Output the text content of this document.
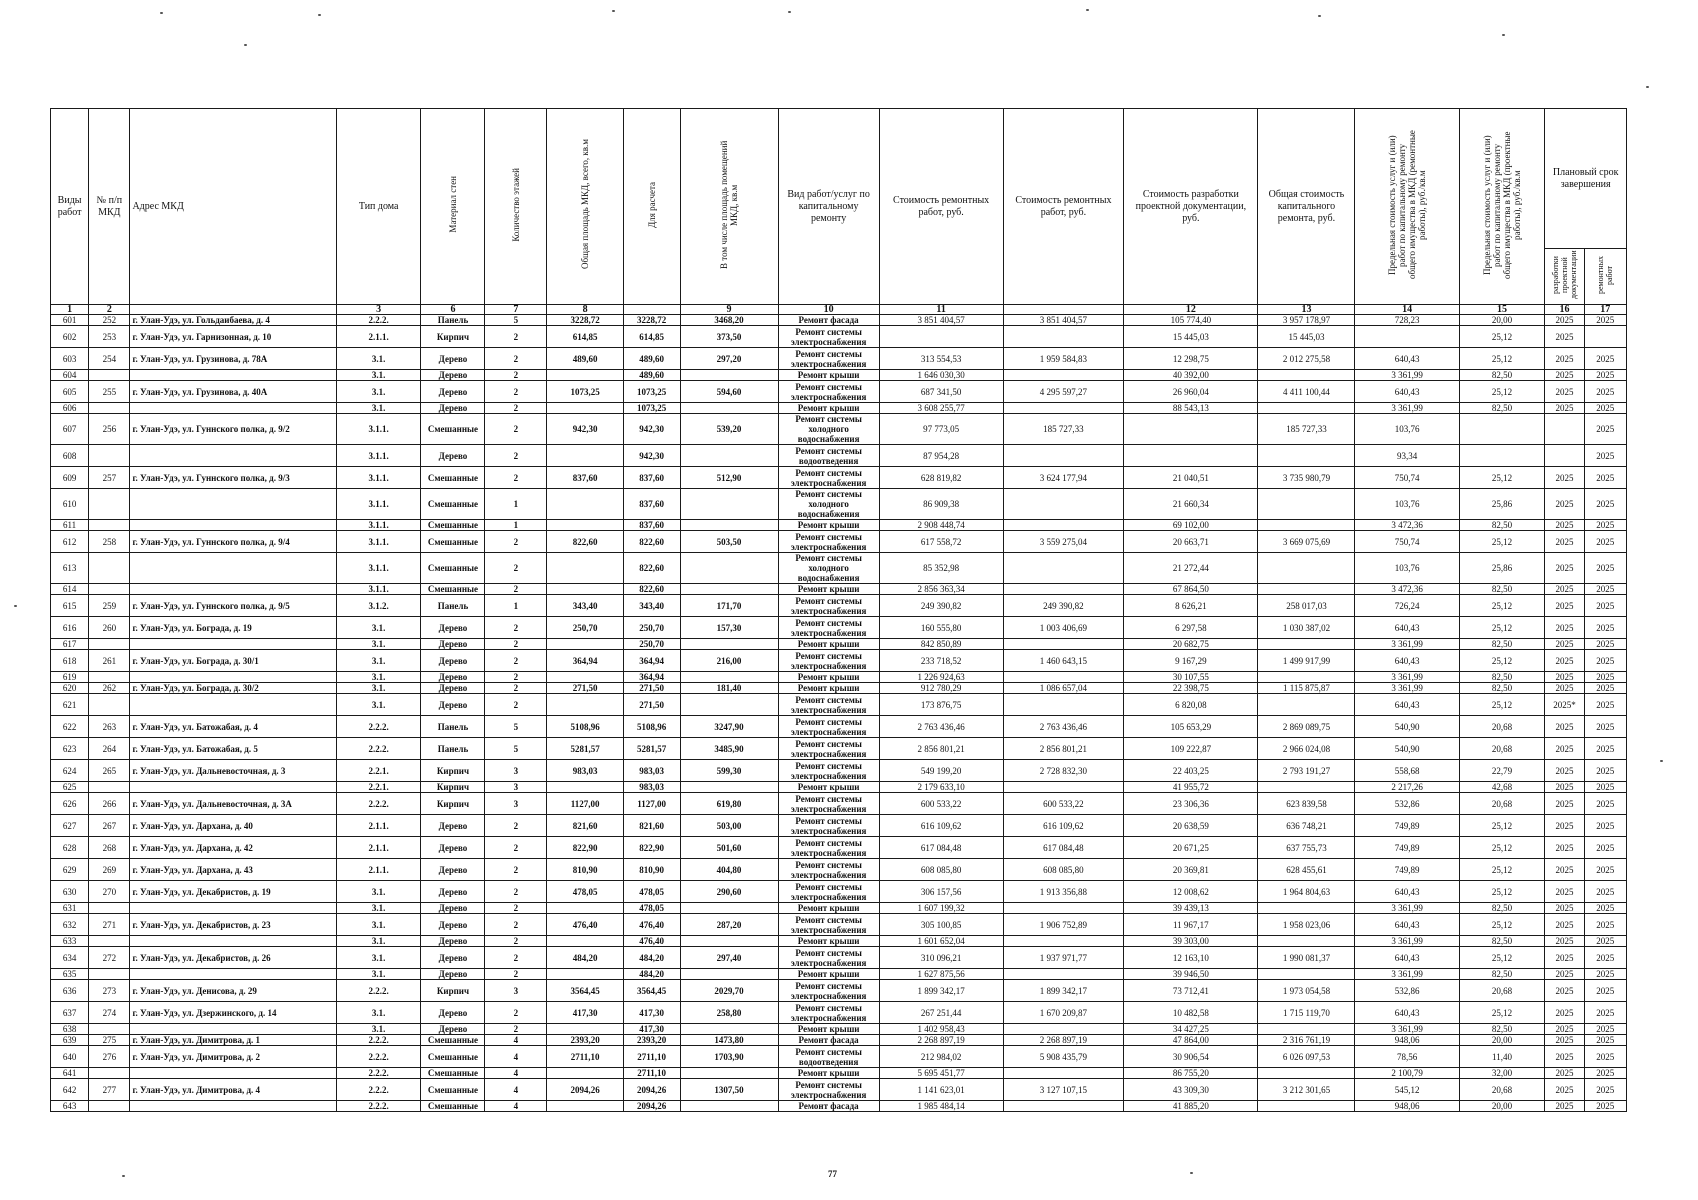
Виды работ	№ п/п МКД	Адрес МКД	Тип дома	Материал стен	Количество этажей	Общая площадь МКД, всего, кв.м	Для расчета	В том числе площадь помещений МКД, кв.м	Вид работ/услуг по капитальному ремонту	Стоимость ремонтных работ, руб.	Стоимость ремонтных работ, руб.	Стоимость разработки проектной документации, руб.	Общая стоимость капитального ремонта, руб.	Предельная стоимость услуг и (или) работ по капитальному ремонту общего имущества в МКД (ремонтные работы), руб./кв.м	Предельная стоимость услуг и (или) работ по капитальному ремонту общего имущества в МКД (проектные работы), руб./кв.м	Плановый срок завершения	
																разработки проектной документации	ремонтных работ
1	2		3	6	7	8		9	10	11		12	13	14	15	16	17
601	252	г. Улан-Удэ, ул. Гольдаибаева, д. 4	2.2.2.	Панель	5	3228,72	3228,72	3468,20	Ремонт фасада	3 851 404,57	3 851 404,57	105 774,40	3 957 178,97	728,23	20,00	2025	2025
602	253	г. Улан-Удэ, ул. Гарнизонная, д. 10	2.1.1.	Кирпич	2	614,85	614,85	373,50	Ремонт системы электроснабжения			15 445,03	15 445,03		25,12	2025	
603	254	г. Улан-Удэ, ул. Грузинова, д. 78А	3.1.	Дерево	2	489,60	489,60	297,20	Ремонт системы электроснабжения	313 554,53	1 959 584,83	12 298,75	2 012 275,58	640,43	25,12	2025	2025
604			3.1.	Дерево	2		489,60		Ремонт крыши	1 646 030,30		40 392,00		3 361,99	82,50	2025	2025
605	255	г. Улан-Удэ, ул. Грузинова, д. 40А	3.1.	Дерево	2	1073,25	1073,25	594,60	Ремонт системы электроснабжения	687 341,50	4 295 597,27	26 960,04	4 411 100,44	640,43	25,12	2025	2025
606			3.1.	Дерево	2		1073,25		Ремонт крыши	3 608 255,77		88 543,13		3 361,99	82,50	2025	2025
607	256	г. Улан-Удэ, ул. Гуннского полка, д. 9/2	3.1.1.	Смешанные	2	942,30	942,30	539,20	Ремонт системы холодного водоснабжения	97 773,05	185 727,33		185 727,33	103,76			2025
608			3.1.1.	Дерево	2		942,30		Ремонт системы водоотведения	87 954,28				93,34			2025
609	257	г. Улан-Удэ, ул. Гуннского полка, д. 9/3	3.1.1.	Смешанные	2	837,60	837,60	512,90	Ремонт системы электроснабжения	628 819,82	3 624 177,94	21 040,51	3 735 980,79	750,74	25,12	2025	2025
610			3.1.1.	Смешанные	1		837,60		Ремонт системы холодного водоснабжения	86 909,38		21 660,34		103,76	25,86	2025	2025
611			3.1.1.	Смешанные	1		837,60		Ремонт крыши	2 908 448,74		69 102,00		3 472,36	82,50	2025	2025
612	258	г. Улан-Удэ, ул. Гуннского полка, д. 9/4	3.1.1.	Смешанные	2	822,60	822,60	503,50	Ремонт системы электроснабжения	617 558,72	3 559 275,04	20 663,71	3 669 075,69	750,74	25,12	2025	2025
613			3.1.1.	Смешанные	2		822,60		Ремонт системы холодного водоснабжения	85 352,98		21 272,44		103,76	25,86	2025	2025
614			3.1.1.	Смешанные	2		822,60		Ремонт крыши	2 856 363,34		67 864,50		3 472,36	82,50	2025	2025
615	259	г. Улан-Удэ, ул. Гуннского полка, д. 9/5	3.1.2.	Панель	1	343,40	343,40	171,70	Ремонт системы электроснабжения	249 390,82	249 390,82	8 626,21	258 017,03	726,24	25,12	2025	2025
616	260	г. Улан-Удэ, ул. Бограда, д. 19	3.1.	Дерево	2	250,70	250,70	157,30	Ремонт системы электроснабжения	160 555,80	1 003 406,69	6 297,58	1 030 387,02	640,43	25,12	2025	2025
617			3.1.	Дерево	2		250,70		Ремонт крыши	842 850,89		20 682,75		3 361,99	82,50	2025	2025
618	261	г. Улан-Удэ, ул. Бограда, д. 30/1	3.1.	Дерево	2	364,94	364,94	216,00	Ремонт системы электроснабжения	233 718,52	1 460 643,15	9 167,29	1 499 917,99	640,43	25,12	2025	2025
619			3.1.	Дерево	2		364,94		Ремонт крыши	1 226 924,63		30 107,55		3 361,99	82,50	2025	2025
620	262	г. Улан-Удэ, ул. Бограда, д. 30/2	3.1.	Дерево	2	271,50	271,50	181,40	Ремонт крыши	912 780,29	1 086 657,04	22 398,75	1 115 875,87	3 361,99	82,50	2025	2025
621			3.1.	Дерево	2		271,50		Ремонт системы электроснабжения	173 876,75		6 820,08		640,43	25,12	2025*	2025
622	263	г. Улан-Удэ, ул. Батожабая, д. 4	2.2.2.	Панель	5	5108,96	5108,96	3247,90	Ремонт системы электроснабжения	2 763 436,46	2 763 436,46	105 653,29	2 869 089,75	540,90	20,68	2025	2025
623	264	г. Улан-Удэ, ул. Батожабая, д. 5	2.2.2.	Панель	5	5281,57	5281,57	3485,90	Ремонт системы электроснабжения	2 856 801,21	2 856 801,21	109 222,87	2 966 024,08	540,90	20,68	2025	2025
624	265	г. Улан-Удэ, ул. Дальневосточная, д. 3	2.2.1.	Кирпич	3	983,03	983,03	599,30	Ремонт системы электроснабжения	549 199,20	2 728 832,30	22 403,25	2 793 191,27	558,68	22,79	2025	2025
625			2.2.1.	Кирпич	3		983,03		Ремонт крыши	2 179 633,10		41 955,72		2 217,26	42,68	2025	2025
626	266	г. Улан-Удэ, ул. Дальневосточная, д. 3А	2.2.2.	Кирпич	3	1127,00	1127,00	619,80	Ремонт системы электроснабжения	600 533,22	600 533,22	23 306,36	623 839,58	532,86	20,68	2025	2025
627	267	г. Улан-Удэ, ул. Дархана, д. 40	2.1.1.	Дерево	2	821,60	821,60	503,00	Ремонт системы электроснабжения	616 109,62	616 109,62	20 638,59	636 748,21	749,89	25,12	2025	2025
628	268	г. Улан-Удэ, ул. Дархана, д. 42	2.1.1.	Дерево	2	822,90	822,90	501,60	Ремонт системы электроснабжения	617 084,48	617 084,48	20 671,25	637 755,73	749,89	25,12	2025	2025
629	269	г. Улан-Удэ, ул. Дархана, д. 43	2.1.1.	Дерево	2	810,90	810,90	404,80	Ремонт системы электроснабжения	608 085,80	608 085,80	20 369,81	628 455,61	749,89	25,12	2025	2025
630	270	г. Улан-Удэ, ул. Декабристов, д. 19	3.1.	Дерево	2	478,05	478,05	290,60	Ремонт системы электроснабжения	306 157,56	1 913 356,88	12 008,62	1 964 804,63	640,43	25,12	2025	2025
631			3.1.	Дерево	2		478,05		Ремонт крыши	1 607 199,32		39 439,13		3 361,99	82,50	2025	2025
632	271	г. Улан-Удэ, ул. Декабристов, д. 23	3.1.	Дерево	2	476,40	476,40	287,20	Ремонт системы электроснабжения	305 100,85	1 906 752,89	11 967,17	1 958 023,06	640,43	25,12	2025	2025
633			3.1.	Дерево	2		476,40		Ремонт крыши	1 601 652,04		39 303,00		3 361,99	82,50	2025	2025
634	272	г. Улан-Удэ, ул. Декабристов, д. 26	3.1.	Дерево	2	484,20	484,20	297,40	Ремонт системы электроснабжения	310 096,21	1 937 971,77	12 163,10	1 990 081,37	640,43	25,12	2025	2025
635			3.1.	Дерево	2		484,20		Ремонт крыши	1 627 875,56		39 946,50		3 361,99	82,50	2025	2025
636	273	г. Улан-Удэ, ул. Денисова, д. 29	2.2.2.	Кирпич	3	3564,45	3564,45	2029,70	Ремонт системы электроснабжения	1 899 342,17	1 899 342,17	73 712,41	1 973 054,58	532,86	20,68	2025	2025
637	274	г. Улан-Удэ, ул. Дзержинского, д. 14	3.1.	Дерево	2	417,30	417,30	258,80	Ремонт системы электроснабжения	267 251,44	1 670 209,87	10 482,58	1 715 119,70	640,43	25,12	2025	2025
638			3.1.	Дерево	2		417,30		Ремонт крыши	1 402 958,43		34 427,25		3 361,99	82,50	2025	2025
639	275	г. Улан-Удэ, ул. Димитрова, д. 1	2.2.2.	Смешанные	4	2393,20	2393,20	1473,80	Ремонт фасада	2 268 897,19	2 268 897,19	47 864,00	2 316 761,19	948,06	20,00	2025	2025
640	276	г. Улан-Удэ, ул. Димитрова, д. 2	2.2.2.	Смешанные	4	2711,10	2711,10	1703,90	Ремонт системы водоотведения	212 984,02	5 908 435,79	30 906,54	6 026 097,53	78,56	11,40	2025	2025
641			2.2.2.	Смешанные	4		2711,10		Ремонт крыши	5 695 451,77		86 755,20		2 100,79	32,00	2025	2025
642	277	г. Улан-Удэ, ул. Димитрова, д. 4	2.2.2.	Смешанные	4	2094,26	2094,26	1307,50	Ремонт системы электроснабжения	1 141 623,01	3 127 107,15	43 309,30	3 212 301,65	545,12	20,68	2025	2025
643			2.2.2.	Смешанные	4		2094,26		Ремонт фасада	1 985 484,14		41 885,20		948,06	20,00	2025	2025
77
